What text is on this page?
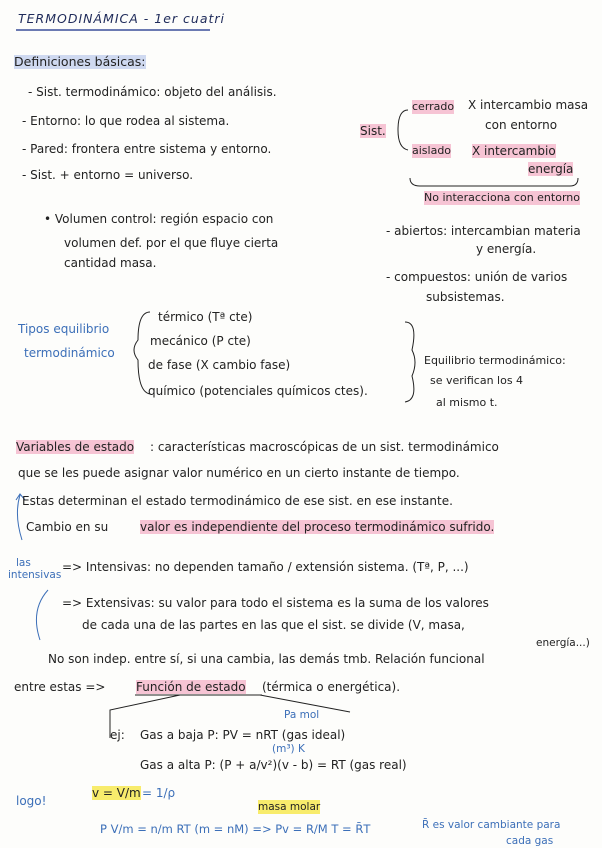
TERMODINÁMICA - 1er cuatri
Definiciones básicas:
- Sist. termodinámico: objeto del análisis.
- Entorno: lo que rodea al sistema.
- Pared: frontera entre sistema y entorno.
- Sist. + entorno = universo.
• Volumen control: región espacio con
volumen def. por el que fluye cierta
cantidad masa.
Sist.
cerrado X intercambio masa
con entorno
aislado X intercambio
energía
No interacciona con entorno
- abiertos: intercambian materia
y energía.
- compuestos: unión de varios
subsistemas.
Tipos equilibrio
termodinámico
térmico (Tª cte)
mecánico (P cte)
de fase (X cambio fase)
químico (potenciales químicos ctes).
Equilibrio termodinámico:
se verifican los 4
al mismo t.
Variables de estado : características macroscópicas de un sist. termodinámico
que se les puede asignar valor numérico en un cierto instante de tiempo.
Estas determinan el estado termodinámico de ese sist. en ese instante.
Cambio en su	valor es independiente del proceso termodinámico sufrido.
las
intensivas
=> Intensivas: no dependen tamaño / extensión sistema. (Tª, P, ...)
=> Extensivas: su valor para todo el sistema es la suma de los valores
de cada una de las partes en las que el sist. se divide (V, masa,
energía...)
No son indep. entre sí, si una cambia, las demás tmb. Relación funcional
entre estas =>	Función de estado (térmica o energética).
Pa mol
ej: Gas a baja P: PV = nRT (gas ideal)
(m³) K
Gas a alta P: (P + a/v²)(v - b) = RT (gas real)
logo!
v = V/m = 1/ρ
masa molar
P V/m = n/m RT (m = nM) => Pv = R/M T = R̄T	R̄ es valor cambiante para
cada gas
